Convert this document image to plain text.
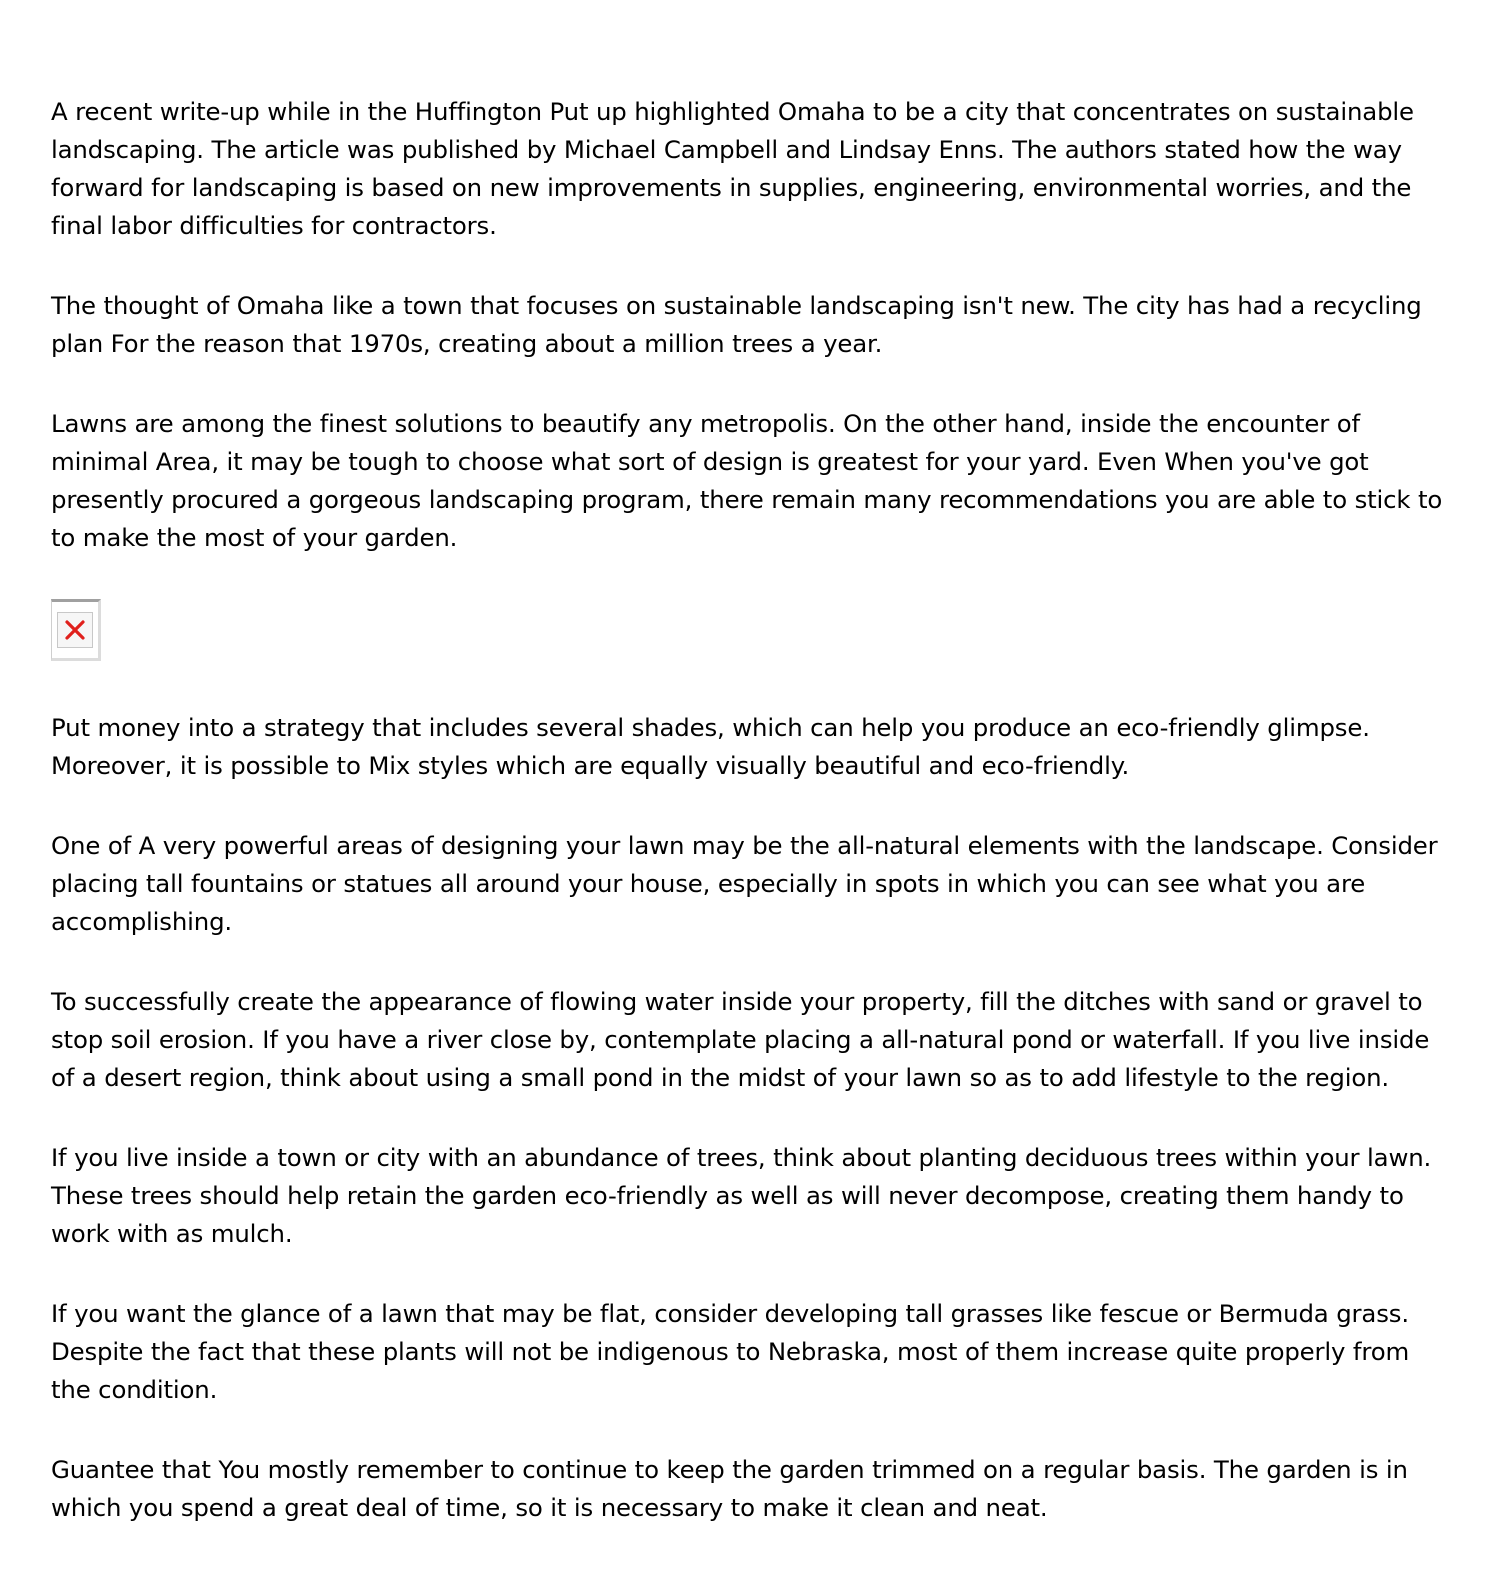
A recent write-up while in the Huffington Put up highlighted Omaha to be a city that concentrates on sustainable landscaping. The article was published by Michael Campbell and Lindsay Enns. The authors stated how the way forward for landscaping is based on new improvements in supplies, engineering, environmental worries, and the final labor difficulties for contractors.

The thought of Omaha like a town that focuses on sustainable landscaping isn't new. The city has had a recycling plan For the reason that 1970s, creating about a million trees a year.

Lawns are among the finest solutions to beautify any metropolis. On the other hand, inside the encounter of minimal Area, it may be tough to choose what sort of design is greatest for your yard. Even When you've got presently procured a gorgeous landscaping program, there remain many recommendations you are able to stick to to make the most of your garden.

Put money into a strategy that includes several shades, which can help you produce an eco-friendly glimpse. Moreover, it is possible to Mix styles which are equally visually beautiful and eco-friendly.

One of A very powerful areas of designing your lawn may be the all-natural elements with the landscape. Consider placing tall fountains or statues all around your house, especially in spots in which you can see what you are accomplishing.

To successfully create the appearance of flowing water inside your property, fill the ditches with sand or gravel to stop soil erosion. If you have a river close by, contemplate placing a all-natural pond or waterfall. If you live inside of a desert region, think about using a small pond in the midst of your lawn so as to add lifestyle to the region.

If you live inside a town or city with an abundance of trees, think about planting deciduous trees within your lawn. These trees should help retain the garden eco-friendly as well as will never decompose, creating them handy to work with as mulch.

If you want the glance of a lawn that may be flat, consider developing tall grasses like fescue or Bermuda grass. Despite the fact that these plants will not be indigenous to Nebraska, most of them increase quite properly from the condition.

Guantee that You mostly remember to continue to keep the garden trimmed on a regular basis. The garden is in which you spend a great deal of time, so it is necessary to make it clean and neat.
